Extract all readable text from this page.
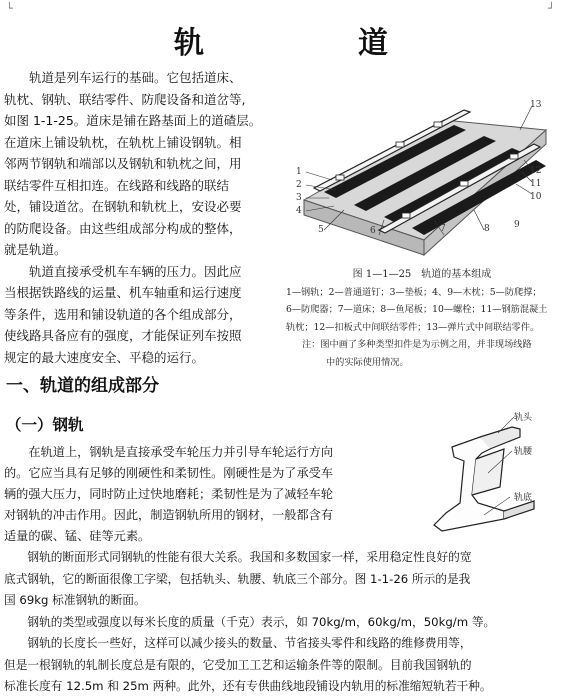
└	┘
轨　道

轨道是列车运行的基础。它包括道床、

轨枕、钢轨、联结零件、防爬设备和道岔等,
如图 1-1-25。道床是铺在路基面上的道碴层。
在道床上铺设轨枕，在轨枕上铺设钢轨。相
邻两节钢轨和端部以及钢轨和轨枕之间，用
联结零件互相扣连。在线路和线路的联结
处，铺设道岔。在钢轨和轨枕上，安设必要
的防爬设备。由这些组成部分构成的整体，
就是轨道。

轨道直接承受机车车辆的压力。因此应

当根据铁路线的运量、机车轴重和运行速度
等条件，选用和铺设轨道的各个组成部分，
使线路具备应有的强度，才能保证列车按照
规定的最大速度安全、平稳的运行。
1
2
3
4
5	6	7	8	9
13
12
11
10
图 1—1—25　轨道的基本组成
1—钢轨；2—普通道钉；3—垫板；4、9—木枕；5—防爬撑；
6—防爬器；7—道床；8—鱼尾板；10—螺栓；11—钢筋混凝土
轨枕；12—扣板式中间联结零件；13—弹片式中间联结零件。
注：图中画了多种类型扣件是为示例之用，并非现场线路
中的实际使用情况。
一、轨道的组成部分
（一）钢轨	轨头
轨腰
轨底
在轨道上，钢轨是直接承受车轮压力并引导车轮运行方向
的。它应当具有足够的刚硬性和柔韧性。刚硬性是为了承受车
辆的强大压力，同时防止过快地磨耗；柔韧性是为了减轻车轮
对钢轨的冲击作用。因此，制造钢轨所用的钢材，一般都含有
适量的碳、锰、硅等元素。
钢轨的断面形式同钢轨的性能有很大关系。我国和多数国家一样，采用稳定性良好的宽
底式钢轨，它的断面很像工字梁，包括轨头、轨腰、轨底三个部分。图 1-1-26 所示的是我
国 69kg 标准钢轨的断面。
钢轨的类型或强度以每米长度的质量（千克）表示，如 70kg/m，60kg/m，50kg/m 等。
钢轨的长度长一些好，这样可以减少接头的数量、节省接头零件和线路的维修费用等，
但是一根钢轨的轧制长度总是有限的，它受加工工艺和运输条件等的限制。目前我国钢轨的
标准长度有 12.5m 和 25m 两种。此外，还有专供曲线地段铺设内轨用的标准缩短轨若干种。
